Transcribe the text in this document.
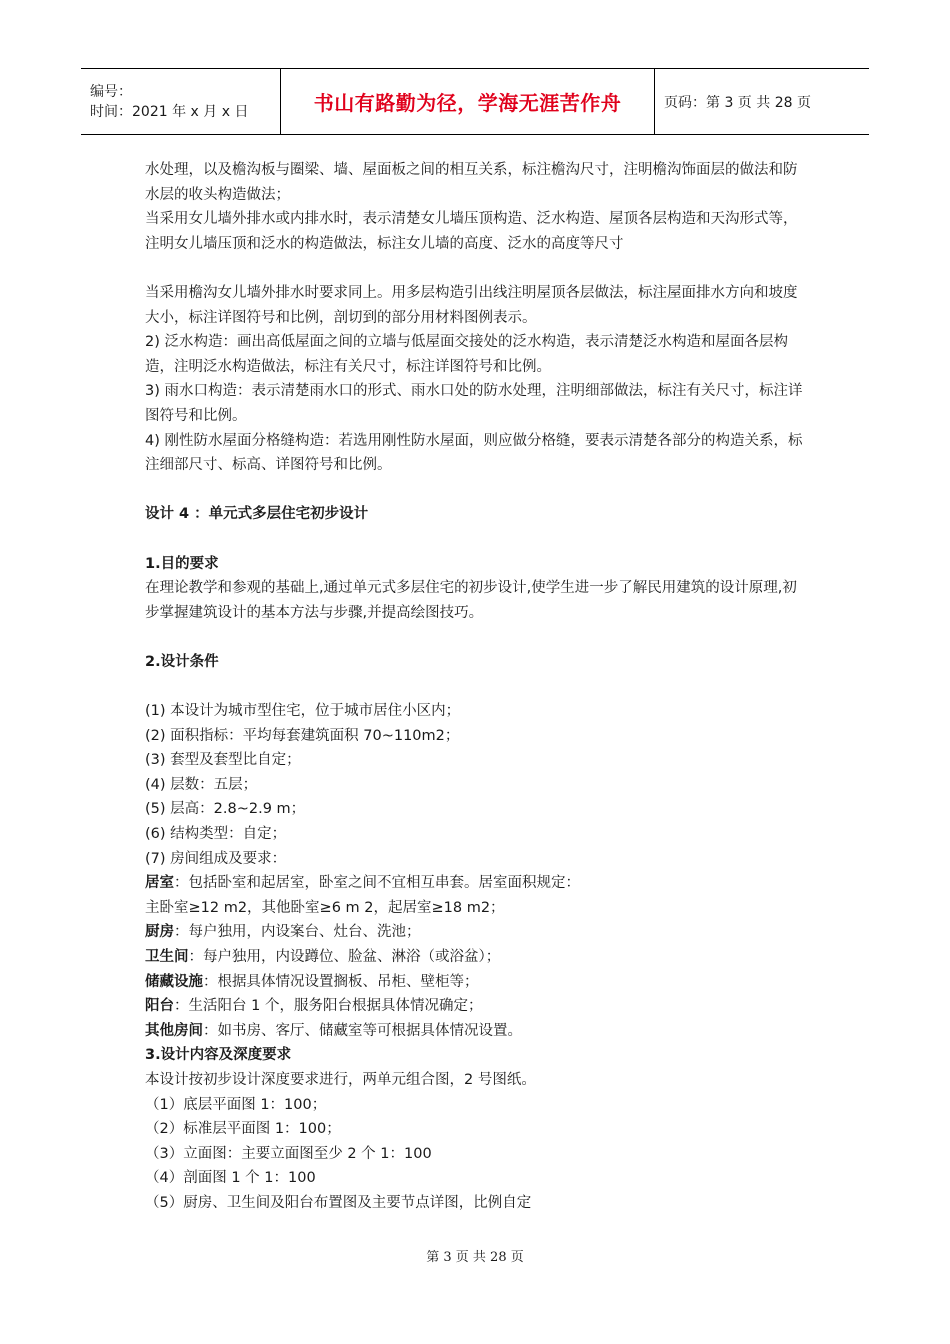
编号：
时间：2021 年 x 月 x 日	书山有路勤为径，学海无涯苦作舟	页码：第 3 页 共 28 页

水处理，以及檐沟板与圈梁、墙、屋面板之间的相互关系，标注檐沟尺寸，注明檐沟饰面层的做法和防水层的收头构造做法；

当采用女儿墙外排水或内排水时，表示清楚女儿墙压顶构造、泛水构造、屋顶各层构造和天沟形式等，注明女儿墙压顶和泛水的构造做法，标注女儿墙的高度、泛水的高度等尺寸

当采用檐沟女儿墙外排水时要求同上。用多层构造引出线注明屋顶各层做法，标注屋面排水方向和坡度大小，标注详图符号和比例，剖切到的部分用材料图例表示。

2) 泛水构造：画出高低屋面之间的立墙与低屋面交接处的泛水构造，表示清楚泛水构造和屋面各层构造，注明泛水构造做法，标注有关尺寸，标注详图符号和比例。

3) 雨水口构造：表示清楚雨水口的形式、雨水口处的防水处理，注明细部做法，标注有关尺寸，标注详图符号和比例。

4) 刚性防水屋面分格缝构造：若选用刚性防水屋面，则应做分格缝，要表示清楚各部分的构造关系，标注细部尺寸、标高、详图符号和比例。

设计 4 ：单元式多层住宅初步设计

1.目的要求

在理论教学和参观的基础上,通过单元式多层住宅的初步设计,使学生进一步了解民用建筑的设计原理,初步掌握建筑设计的基本方法与步骤,并提高绘图技巧。

2.设计条件

(1) 本设计为城市型住宅，位于城市居住小区内；

(2) 面积指标：平均每套建筑面积 70~110m2；

(3) 套型及套型比自定；

(4) 层数：五层；

(5) 层高：2.8~2.9 m；

(6) 结构类型：自定；

(7) 房间组成及要求：

居室：包括卧室和起居室，卧室之间不宜相互串套。居室面积规定：

主卧室≥12 m2，其他卧室≥6 m 2，起居室≥18 m2；

厨房：每户独用，内设案台、灶台、洗池；

卫生间：每户独用，内设蹲位、脸盆、淋浴（或浴盆）；

储藏设施：根据具体情况设置搁板、吊柜、壁柜等；

阳台：生活阳台 1 个，服务阳台根据具体情况确定；

其他房间：如书房、客厅、储藏室等可根据具体情况设置。

3.设计内容及深度要求

本设计按初步设计深度要求进行，两单元组合图，2 号图纸。

（1）底层平面图 1：100；

（2）标准层平面图 1：100；

（3）立面图：主要立面图至少 2 个 1：100

（4）剖面图 1 个 1：100

（5）厨房、卫生间及阳台布置图及主要节点详图，比例自定

第 3 页 共 28 页
